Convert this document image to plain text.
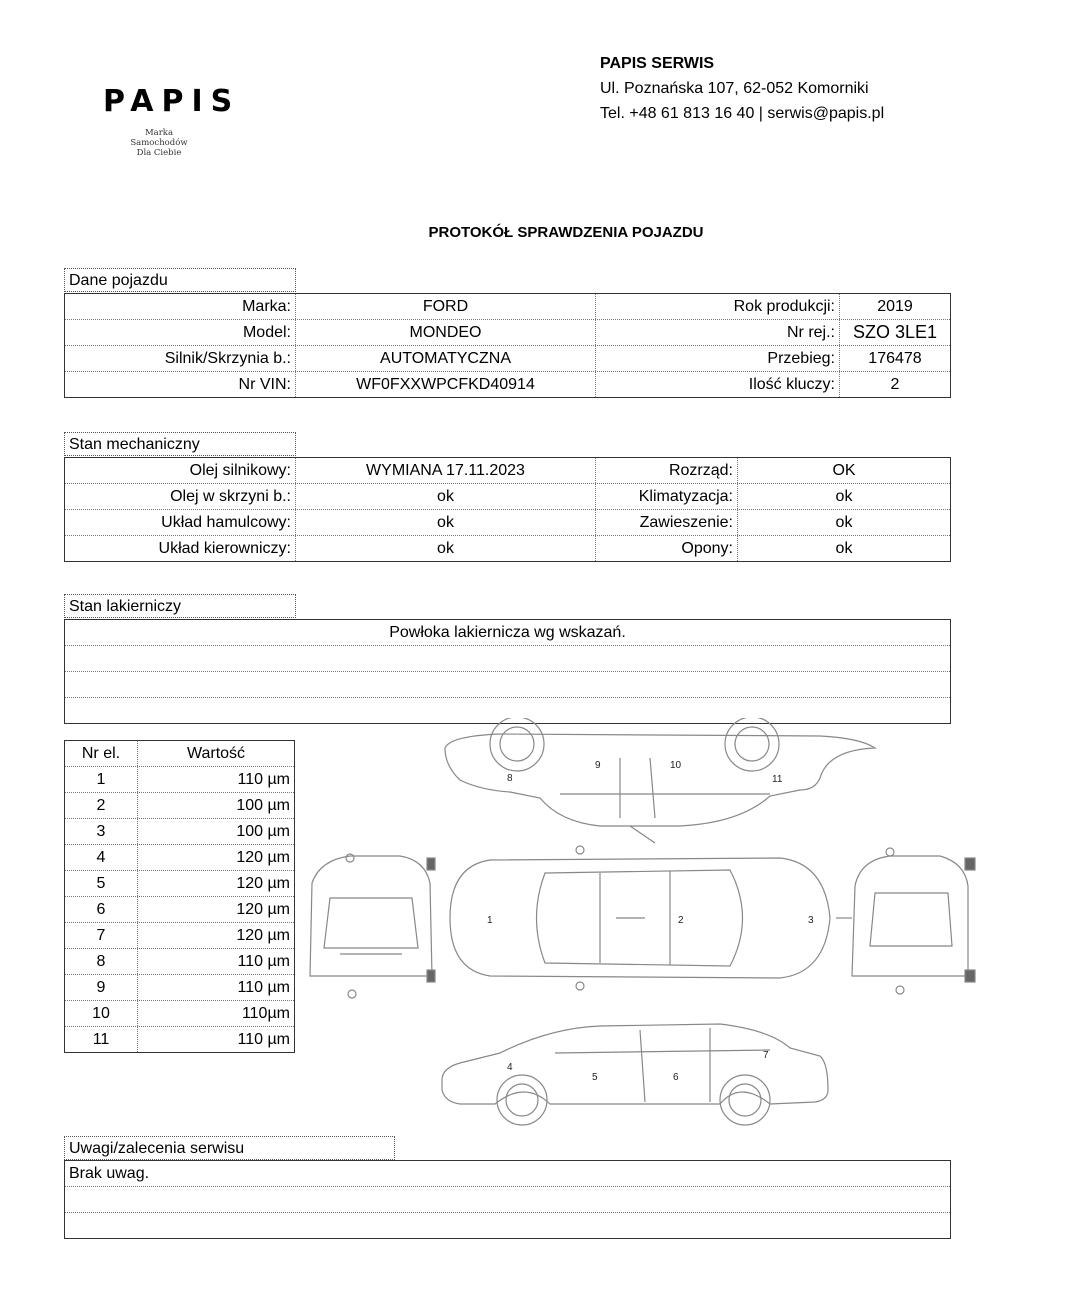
PAPIS
Marka
Samochodów
Dla Ciebie
PAPIS SERWIS
Ul. Poznańska 107, 62-052 Komorniki
Tel. +48 61 813 16 40 | serwis@papis.pl
PROTOKÓŁ SPRAWDZENIA POJAZDU
Dane pojazdu
Marka:	FORD	Rok produkcji:	2019
Model:	MONDEO	Nr rej.: SZO 3LE1
Silnik/Skrzynia b.:	AUTOMATYCZNA	Przebieg:	176478
Nr VIN:	WF0FXXWPCFKD40914	Ilość kluczy:	2
Stan mechaniczny
Olej silnikowy:	WYMIANA 17.11.2023	Rozrząd:	OK
Olej w skrzyni b.:	ok	Klimatyzacja:	ok
Układ hamulcowy:	ok	Zawieszenie:	ok
Układ kierowniczy:	ok	Opony:	ok
Stan lakierniczy
Powłoka lakiernicza wg wskazań.
Nr el.	Wartość
1	110 µm
2	100 µm
3	100 µm
4	120 µm
5	120 µm
6	120 µm
7	120 µm
8	110 µm
9	110 µm
10	110µm
11	110 µm
1	2	3
4
5	6
7
8
9	10
11
Uwagi/zalecenia serwisu
Brak uwag.
